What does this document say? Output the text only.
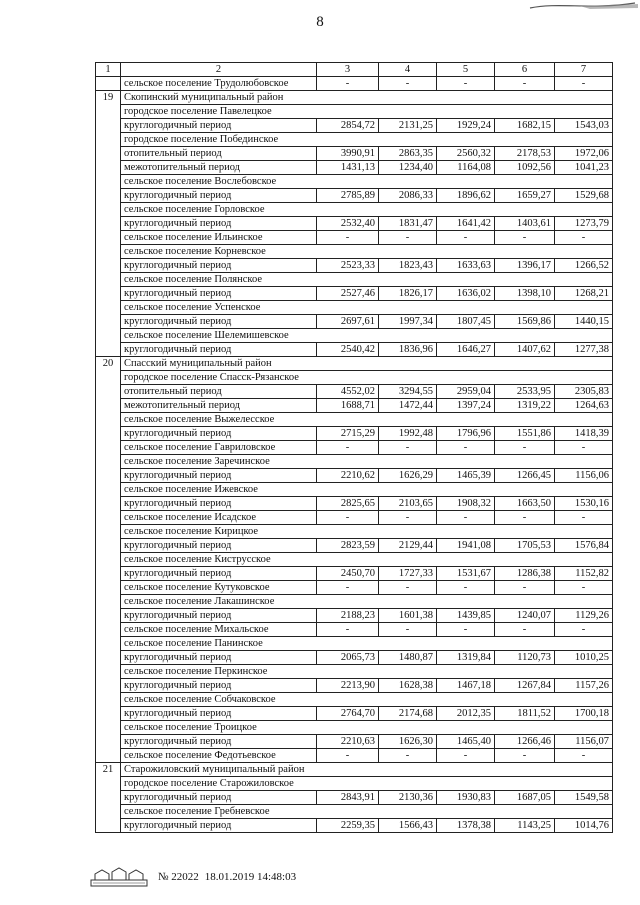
8
1	2	3	4	5	6	7
	сельское поселение Трудолюбовское	-	-	-	-	-
19	Скопинский муниципальный район					
	городское поселение Павелецкое					
	круглогодичный период	2854,72	2131,25	1929,24	1682,15	1543,03
	городское поселение Побединское					
	отопительный период	3990,91	2863,35	2560,32	2178,53	1972,06
	межотопительный период	1431,13	1234,40	1164,08	1092,56	1041,23
	сельское поселение Вослебовское					
	круглогодичный период	2785,89	2086,33	1896,62	1659,27	1529,68
	сельское поселение Горловское					
	круглогодичный период	2532,40	1831,47	1641,42	1403,61	1273,79
	сельское поселение Ильинское	-	-	-	-	-
	сельское поселение Корневское					
	круглогодичный период	2523,33	1823,43	1633,63	1396,17	1266,52
	сельское поселение Полянское					
	круглогодичный период	2527,46	1826,17	1636,02	1398,10	1268,21
	сельское поселение Успенское					
	круглогодичный период	2697,61	1997,34	1807,45	1569,86	1440,15
	сельское поселение Шелемишевское					
	круглогодичный период	2540,42	1836,96	1646,27	1407,62	1277,38
20	Спасский муниципальный район					
	городское поселение Спасск-Рязанское					
	отопительный период	4552,02	3294,55	2959,04	2533,95	2305,83
	межотопительный период	1688,71	1472,44	1397,24	1319,22	1264,63
	сельское поселение Выжелесское					
	круглогодичный период	2715,29	1992,48	1796,96	1551,86	1418,39
	сельское поселение Гавриловское	-	-	-	-	-
	сельское поселение Заречинское					
	круглогодичный период	2210,62	1626,29	1465,39	1266,45	1156,06
	сельское поселение Ижевское					
	круглогодичный период	2825,65	2103,65	1908,32	1663,50	1530,16
	сельское поселение Исадское	-	-	-	-	-
	сельское поселение Кирицкое					
	круглогодичный период	2823,59	2129,44	1941,08	1705,53	1576,84
	сельское поселение Киструсское					
	круглогодичный период	2450,70	1727,33	1531,67	1286,38	1152,82
	сельское поселение Кутуковское	-	-	-	-	-
	сельское поселение Лакашинское					
	круглогодичный период	2188,23	1601,38	1439,85	1240,07	1129,26
	сельское поселение Михальское	-	-	-	-	-
	сельское поселение Панинское					
	круглогодичный период	2065,73	1480,87	1319,84	1120,73	1010,25
	сельское поселение Перкинское					
	круглогодичный период	2213,90	1628,38	1467,18	1267,84	1157,26
	сельское поселение Собчаковское					
	круглогодичный период	2764,70	2174,68	2012,35	1811,52	1700,18
	сельское поселение Троицкое					
	круглогодичный период	2210,63	1626,30	1465,40	1266,46	1156,07
	сельское поселение Федотьевское	-	-	-	-	-
21	Старожиловский муниципальный район					
	городское поселение Старожиловское					
	круглогодичный период	2843,91	2130,36	1930,83	1687,05	1549,58
	сельское поселение Гребневское					
	круглогодичный период	2259,35	1566,43	1378,38	1143,25	1014,76
№ 22022 18.01.2019 14:48:03
